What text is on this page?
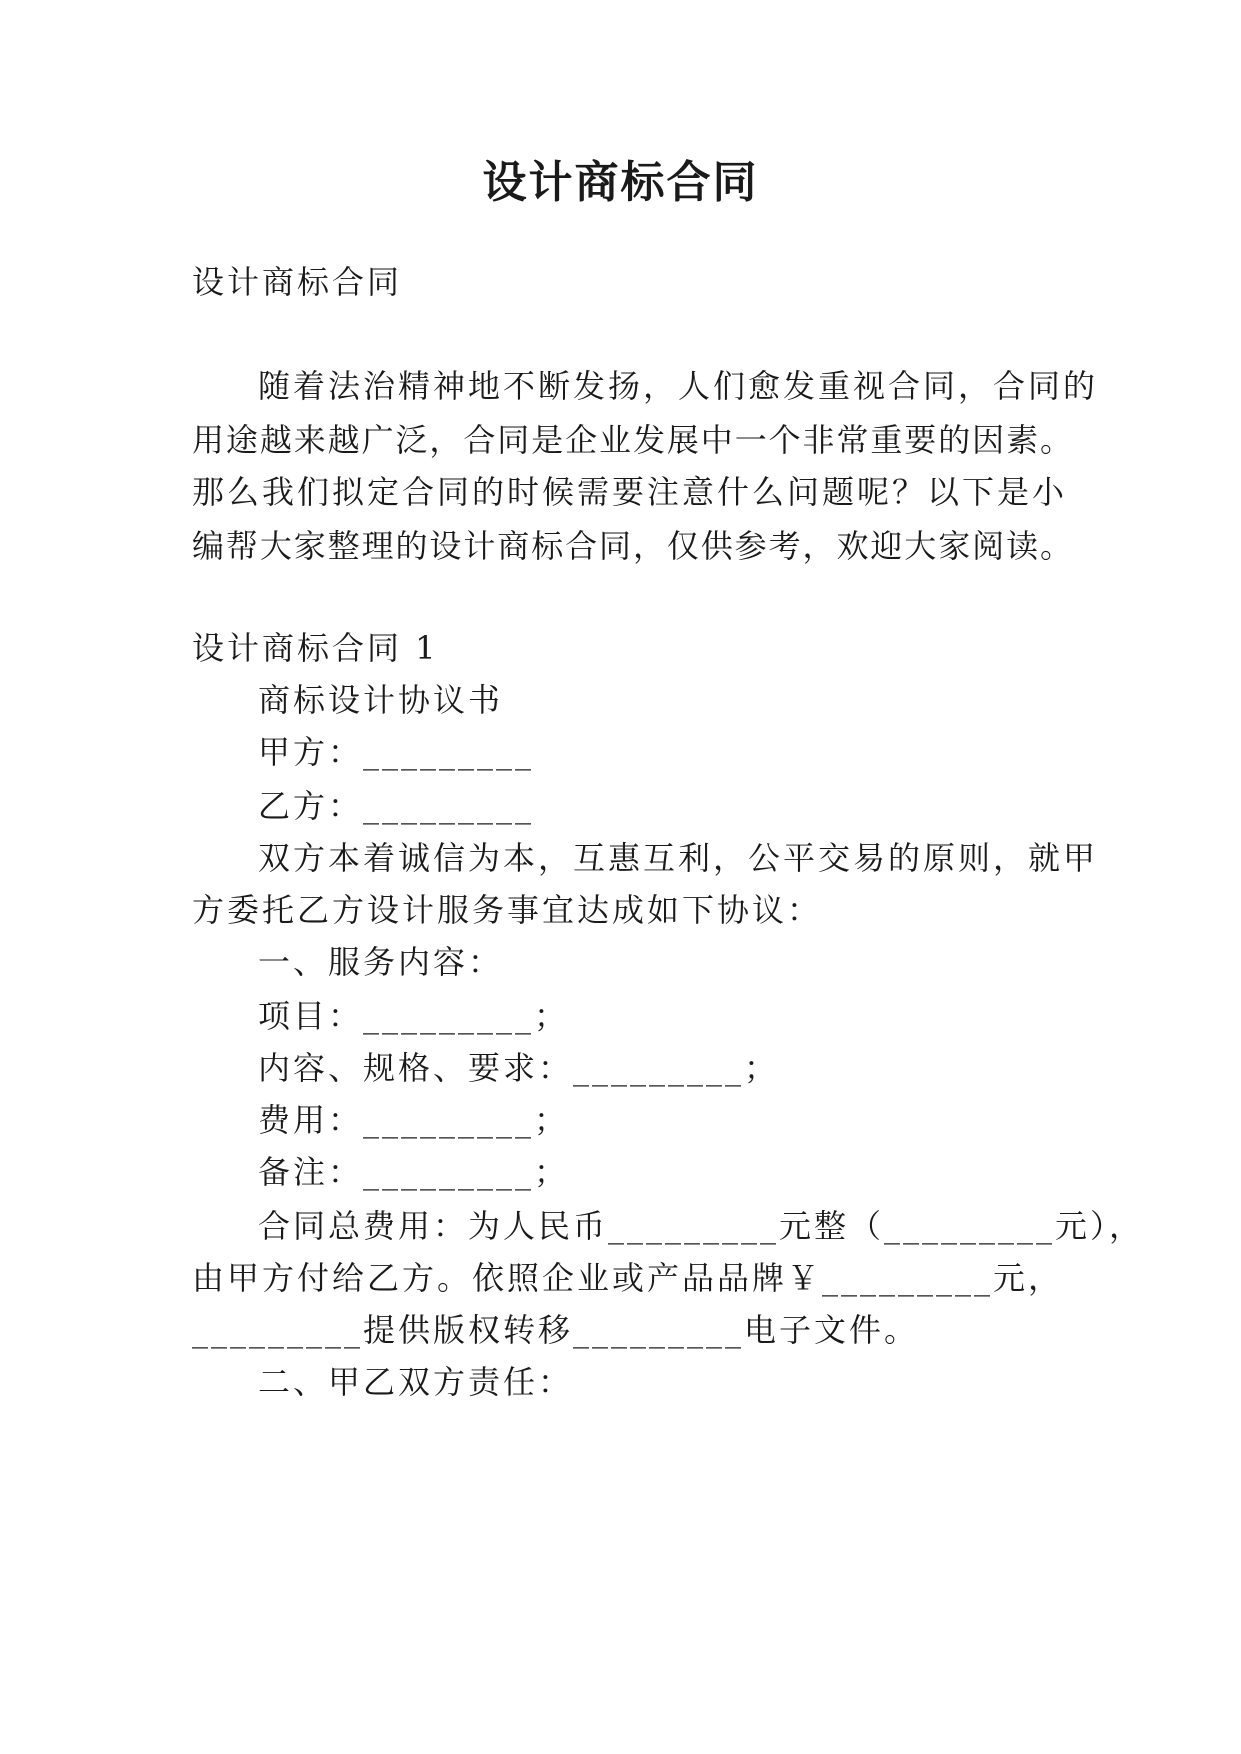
设计商标合同
设计商标合同
随着法治精神地不断发扬，人们愈发重视合同，合同的
用途越来越广泛，合同是企业发展中一个非常重要的因素。
那么我们拟定合同的时候需要注意什么问题呢？以下是小
编帮大家整理的设计商标合同，仅供参考，欢迎大家阅读。
设计商标合同 1
商标设计协议书
甲方：_________
乙方：_________
双方本着诚信为本，互惠互利，公平交易的原则，就甲
方委托乙方设计服务事宜达成如下协议：
一、服务内容：
项目：_________；
内容、规格、要求：_________；
费用：_________；
备注：_________；
合同总费用：为人民币_________元整（_________元），
由甲方付给乙方。依照企业或产品品牌￥_________元，
_________提供版权转移_________电子文件。
二、甲乙双方责任：
